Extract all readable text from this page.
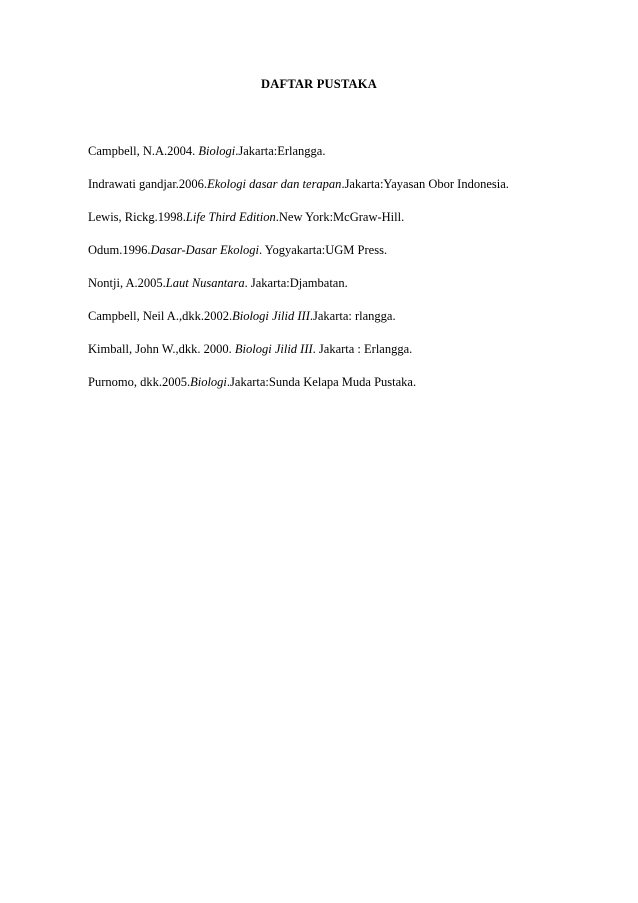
DAFTAR PUSTAKA
Campbell, N.A.2004. Biologi.Jakarta:Erlangga.
Indrawati gandjar.2006.Ekologi dasar dan terapan.Jakarta:Yayasan Obor Indonesia.
Lewis, Rickg.1998.Life Third Edition.New York:McGraw-Hill.
Odum.1996.Dasar-Dasar Ekologi. Yogyakarta:UGM Press.
Nontji, A.2005.Laut Nusantara. Jakarta:Djambatan.
Campbell, Neil A.,dkk.2002.Biologi Jilid III.Jakarta: rlangga.
Kimball, John W.,dkk. 2000. Biologi Jilid III. Jakarta : Erlangga.
Purnomo, dkk.2005.Biologi.Jakarta:Sunda Kelapa Muda Pustaka.
